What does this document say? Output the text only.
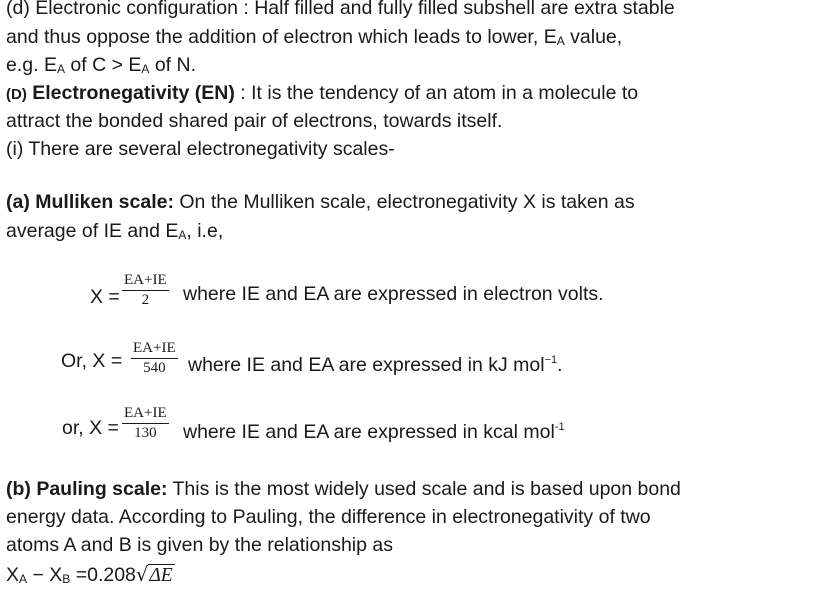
(d) Electronic configuration : Half filled and fully filled subshell are extra stable
and thus oppose the addition of electron which leads to lower, $E_A$ value,
e.g. $E_A$ of $C > E_A$ of N.
(D) Electronegativity (EN) : It is the tendency of an atom in a molecule to
attract the bonded shared pair of electrons, towards itself.
(i) There are several electronegativity scales-
(a) Mulliken scale: On the Mulliken scale, electronegativity X is taken as
average of IE and $E_A$, i.e,
$X = \frac{EA+IE}{2}$ where IE and EA are expressed in electron volts.
Or, $X = \frac{EA+IE}{540}$ where IE and EA are expressed in kJ mol$^{-1}$.
or, $X = \frac{EA+IE}{130}$ where IE and EA are expressed in kcal mol$^{-1}$
(b) Pauling scale: This is the most widely used scale and is based upon bond
energy data. According to Pauling, the difference in electronegativity of two
atoms A and B is given by the relationship as
$X_A - X_B =0.208√\Delta E$
